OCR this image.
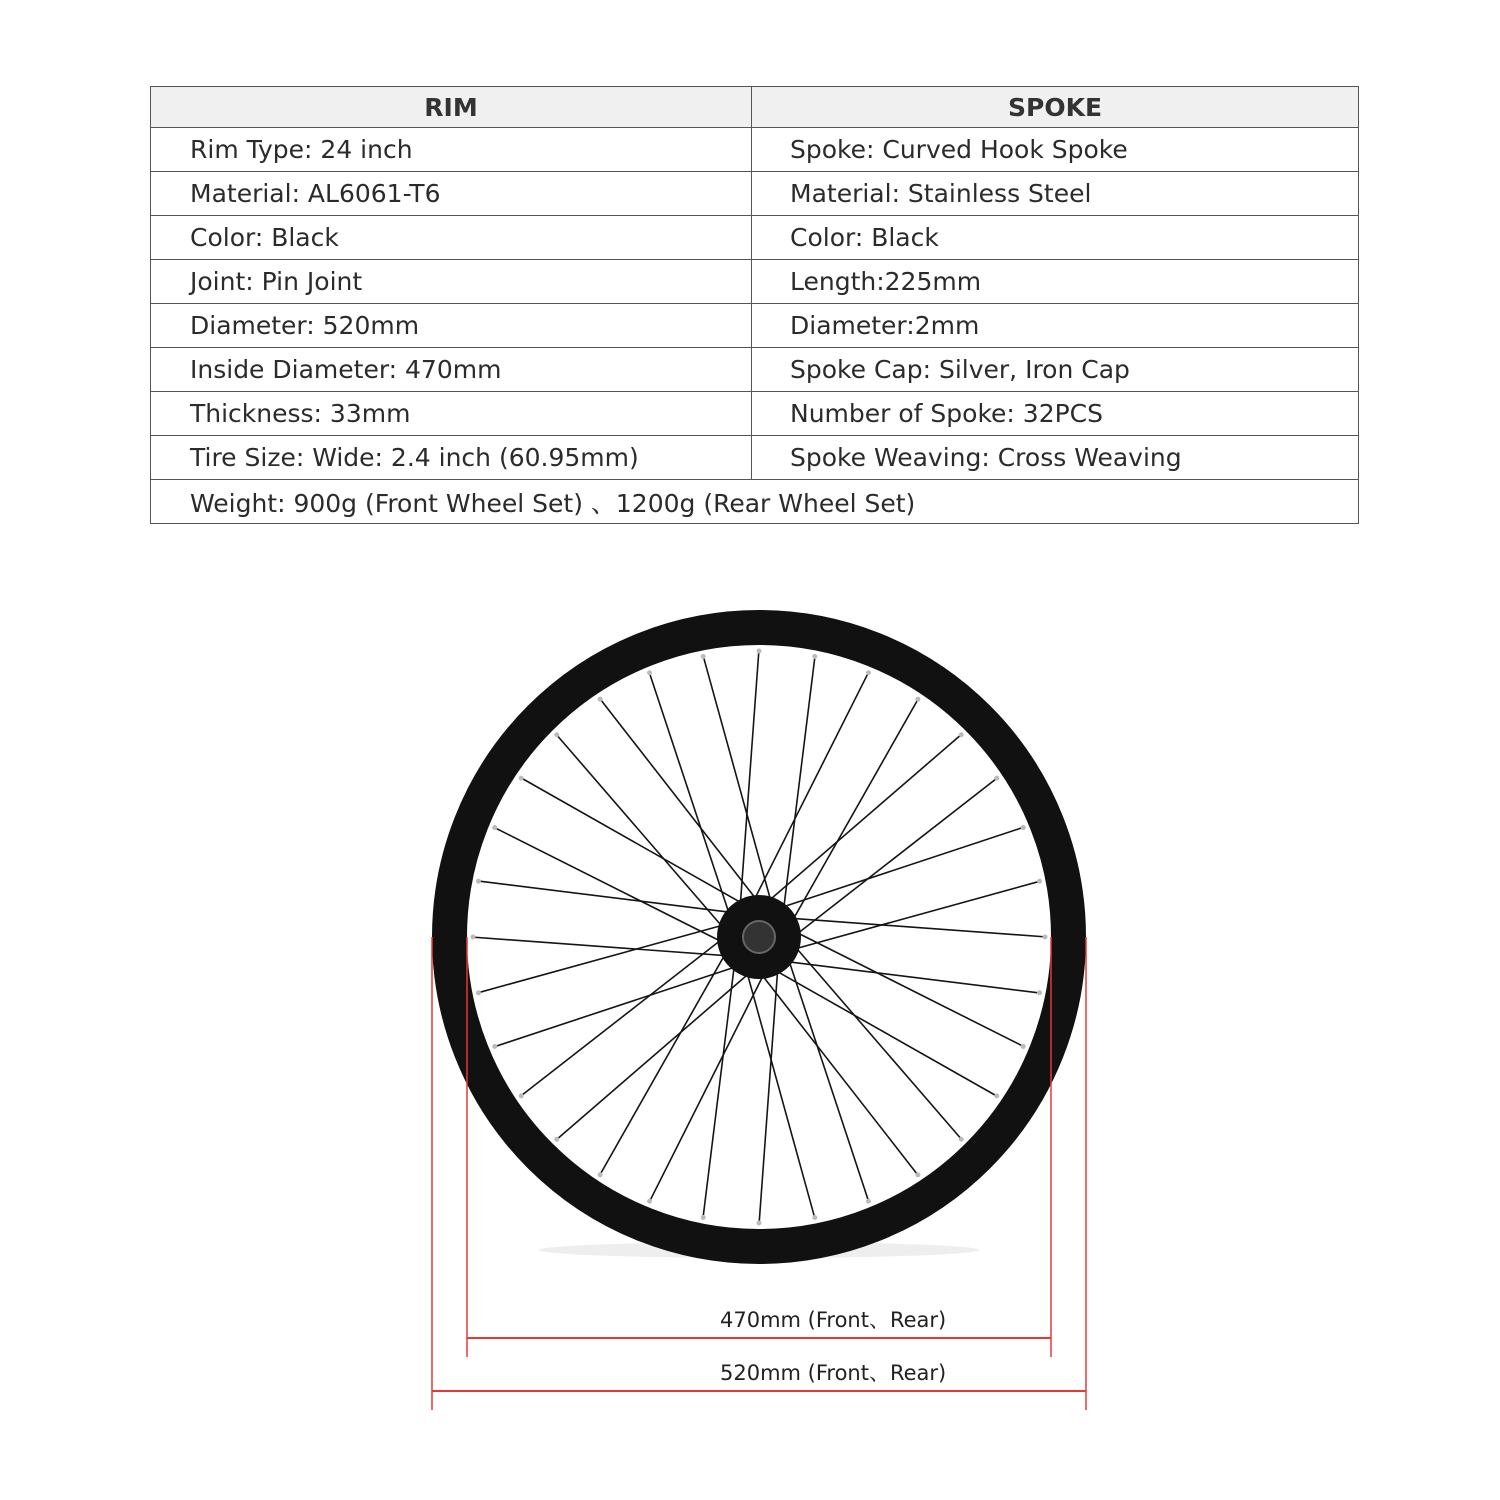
RIM	SPOKE
Rim Type: 24 inch	Spoke: Curved Hook Spoke
Material: AL6061-T6	Material: Stainless Steel
Color: Black	Color: Black
Joint: Pin Joint	Length:225mm
Diameter: 520mm	Diameter:2mm
Inside Diameter: 470mm	Spoke Cap: Silver, Iron Cap
Thickness: 33mm	Number of Spoke: 32PCS
Tire Size: Wide: 2.4 inch (60.95mm)	Spoke Weaving: Cross Weaving
Weight: 900g (Front Wheel Set) 、1200g (Rear Wheel Set)	
470mm (Front、Rear)
520mm (Front、Rear)
